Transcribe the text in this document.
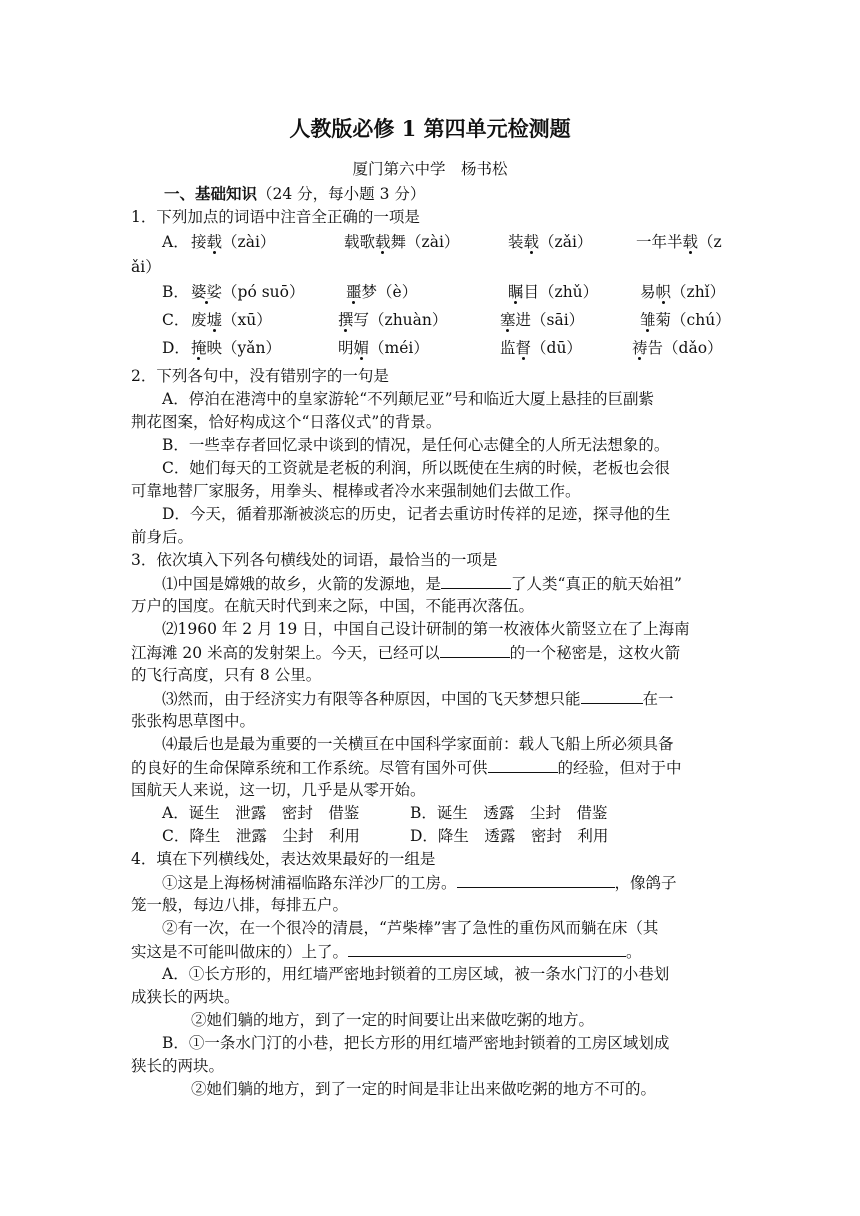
人教版必修 1 第四单元检测题
厦门第六中学　杨书松
一、基础知识（24 分，每小题 3 分）
1．下列加点的词语中注音全正确的一项是
A． 接载（zài）	载歌载舞（zài）	装载（zǎi）	一年半载（z
ǎi）
B． 婆娑（pó suō）	噩梦（è）	瞩目（zhǔ）	易帜（zhǐ）
C． 废墟（xū）	撰写（zhuàn）	塞进（sāi）	雏菊（chú）
D． 掩映（yǎn）	明媚（méi）	监督（dū）	祷告（dǎo）
2．下列各句中，没有错别字的一句是
A．停泊在港湾中的皇家游轮“不列颠尼亚”号和临近大厦上悬挂的巨副紫
荆花图案，恰好构成这个“日落仪式”的背景。
B．一些幸存者回忆录中谈到的情况，是任何心志健全的人所无法想象的。
C．她们每天的工资就是老板的利润，所以既使在生病的时候，老板也会很
可靠地替厂家服务，用拳头、棍棒或者冷水来强制她们去做工作。
D．今天，循着那渐被淡忘的历史，记者去重访时传祥的足迹，探寻他的生
前身后。
3．依次填入下列各句横线处的词语，最恰当的一项是
⑴中国是嫦娥的故乡，火箭的发源地，是	了人类“真正的航天始祖”
万户的国度。在航天时代到来之际，中国，不能再次落伍。
⑵1960 年 2 月 19 日，中国自己设计研制的第一枚液体火箭竖立在了上海南
江海滩 20 米高的发射架上。今天，已经可以	的一个秘密是，这枚火箭
的飞行高度，只有 8 公里。
⑶然而，由于经济实力有限等各种原因，中国的飞天梦想只能	在一
张张构思草图中。
⑷最后也是最为重要的一关横亘在中国科学家面前：载人飞船上所必须具备
的良好的生命保障系统和工作系统。尽管有国外可供	的经验，但对于中
国航天人来说，这一切，几乎是从零开始。
A．诞生　泄露　密封　借鉴	B．诞生　透露　尘封　借鉴
C．降生　泄露　尘封　利用	D．降生　透露　密封　利用
4．填在下列横线处，表达效果最好的一组是
①这是上海杨树浦福临路东洋沙厂的工房。	，像鸽子
笼一般，每边八排，每排五户。
②有一次，在一个很冷的清晨，“芦柴棒”害了急性的重伤风而躺在床（其
实这是不可能叫做床的）上了。	。
A．①长方形的，用红墙严密地封锁着的工房区域，被一条水门汀的小巷划
成狭长的两块。
②她们躺的地方，到了一定的时间要让出来做吃粥的地方。
B．①一条水门汀的小巷，把长方形的用红墙严密地封锁着的工房区域划成
狭长的两块。
②她们躺的地方，到了一定的时间是非让出来做吃粥的地方不可的。
